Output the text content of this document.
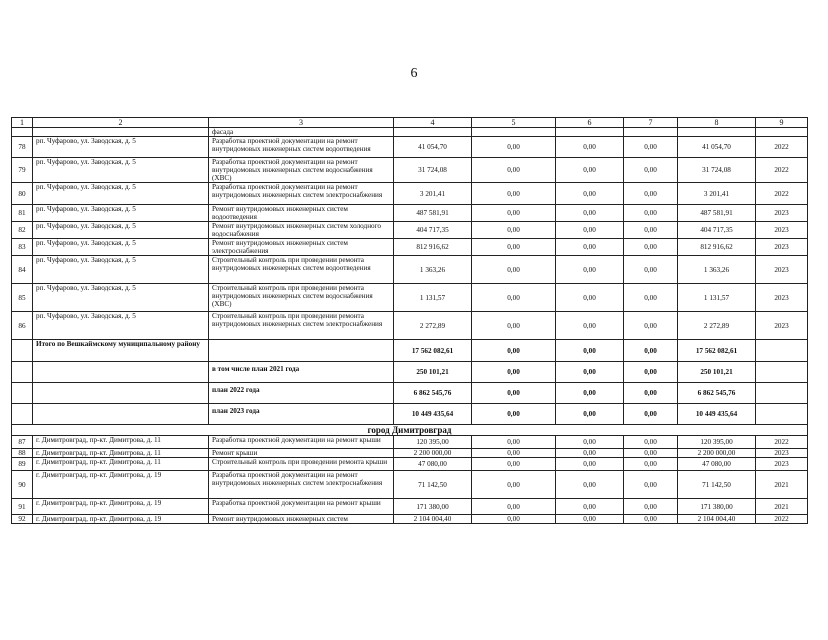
6
1	2	3	4	5	6	7	8	9
		фасада						
78	рп. Чуфарово, ул. Заводская, д. 5	Разработка проектной документации на ремонт внутридомовых инженерных систем водоотведения	41 054,70	0,00	0,00	0,00	41 054,70	2022
79	рп. Чуфарово, ул. Заводская, д. 5	Разработка проектной документации на ремонт внутридомовых инженерных систем водоснабжения (ХВС)	31 724,08	0,00	0,00	0,00	31 724,08	2022
80	рп. Чуфарово, ул. Заводская, д. 5	Разработка проектной документации на ремонт внутридомовых инженерных систем электроснабжения	3 201,41	0,00	0,00	0,00	3 201,41	2022
81	рп. Чуфарово, ул. Заводская, д. 5	Ремонт внутридомовых инженерных систем водоотведения	487 581,91	0,00	0,00	0,00	487 581,91	2023
82	рп. Чуфарово, ул. Заводская, д. 5	Ремонт внутридомовых инженерных систем холодного водоснабжения	404 717,35	0,00	0,00	0,00	404 717,35	2023
83	рп. Чуфарово, ул. Заводская, д. 5	Ремонт внутридомовых инженерных систем электроснабжения	812 916,62	0,00	0,00	0,00	812 916,62	2023
84	рп. Чуфарово, ул. Заводская, д. 5	Строительный контроль при проведении ремонта внутридомовых инженерных систем водоотведения	1 363,26	0,00	0,00	0,00	1 363,26	2023
85	рп. Чуфарово, ул. Заводская, д. 5	Строительный контроль при проведении ремонта внутридомовых инженерных систем водоснабжения (ХВС)	1 131,57	0,00	0,00	0,00	1 131,57	2023
86	рп. Чуфарово, ул. Заводская, д. 5	Строительный контроль при проведении ремонта внутридомовых инженерных систем электроснабжения	2 272,89	0,00	0,00	0,00	2 272,89	2023
	Итого по Вешкаймскому муниципальному району		17 562 082,61	0,00	0,00	0,00	17 562 082,61	
		в том числе план 2021 года	250 101,21	0,00	0,00	0,00	250 101,21	
		план 2022 года	6 862 545,76	0,00	0,00	0,00	6 862 545,76	
		план 2023 года	10 449 435,64	0,00	0,00	0,00	10 449 435,64	
город Димитровград								
87	г. Димитровград, пр-кт. Димитрова, д. 11	Разработка проектной документации на ремонт крыши	120 395,00	0,00	0,00	0,00	120 395,00	2022
88	г. Димитровград, пр-кт. Димитрова, д. 11	Ремонт крыши	2 200 000,00	0,00	0,00	0,00	2 200 000,00	2023
89	г. Димитровград, пр-кт. Димитрова, д. 11	Строительный контроль при проведении ремонта крыши	47 080,00	0,00	0,00	0,00	47 080,00	2023
90	г. Димитровград, пр-кт. Димитрова, д. 19	Разработка проектной документации на ремонт внутридомовых инженерных систем электроснабжения	71 142,50	0,00	0,00	0,00	71 142,50	2021
91	г. Димитровград, пр-кт. Димитрова, д. 19	Разработка проектной документации на ремонт крыши	171 380,00	0,00	0,00	0,00	171 380,00	2021
92	г. Димитровград, пр-кт. Димитрова, д. 19	Ремонт внутридомовых инженерных систем	2 104 004,40	0,00	0,00	0,00	2 104 004,40	2022
